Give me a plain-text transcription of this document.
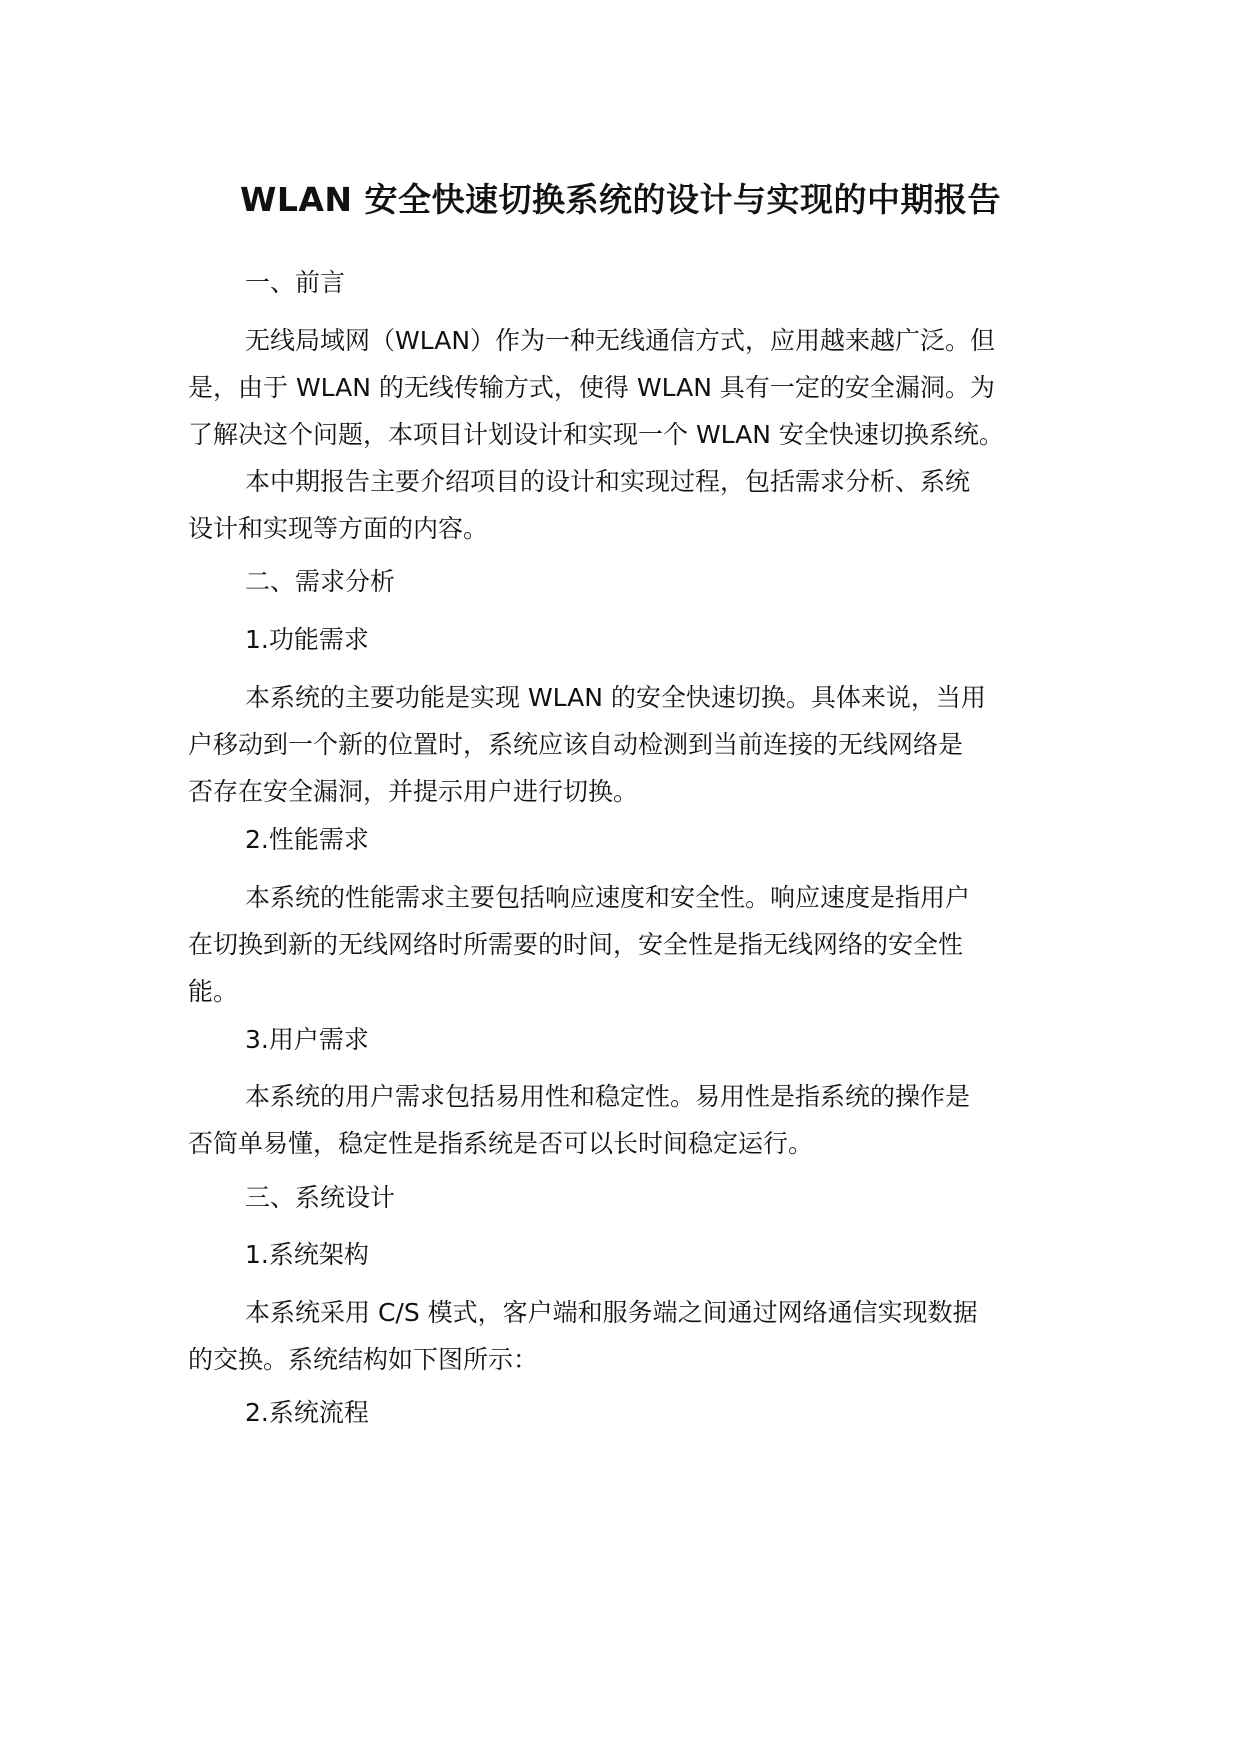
WLAN 安全快速切换系统的设计与实现的中期报告

一、前言

无线局域网（WLAN）作为一种无线通信方式，应用越来越广泛。但
是，由于 WLAN 的无线传输方式，使得 WLAN 具有一定的安全漏洞。为
了解决这个问题，本项目计划设计和实现一个 WLAN 安全快速切换系统。

本中期报告主要介绍项目的设计和实现过程，包括需求分析、系统
设计和实现等方面的内容。

二、需求分析

1.功能需求

本系统的主要功能是实现 WLAN 的安全快速切换。具体来说，当用
户移动到一个新的位置时，系统应该自动检测到当前连接的无线网络是
否存在安全漏洞，并提示用户进行切换。

2.性能需求

本系统的性能需求主要包括响应速度和安全性。响应速度是指用户
在切换到新的无线网络时所需要的时间，安全性是指无线网络的安全性
能。

3.用户需求

本系统的用户需求包括易用性和稳定性。易用性是指系统的操作是
否简单易懂，稳定性是指系统是否可以长时间稳定运行。

三、系统设计

1.系统架构

本系统采用 C/S 模式，客户端和服务端之间通过网络通信实现数据
的交换。系统结构如下图所示：

2.系统流程
